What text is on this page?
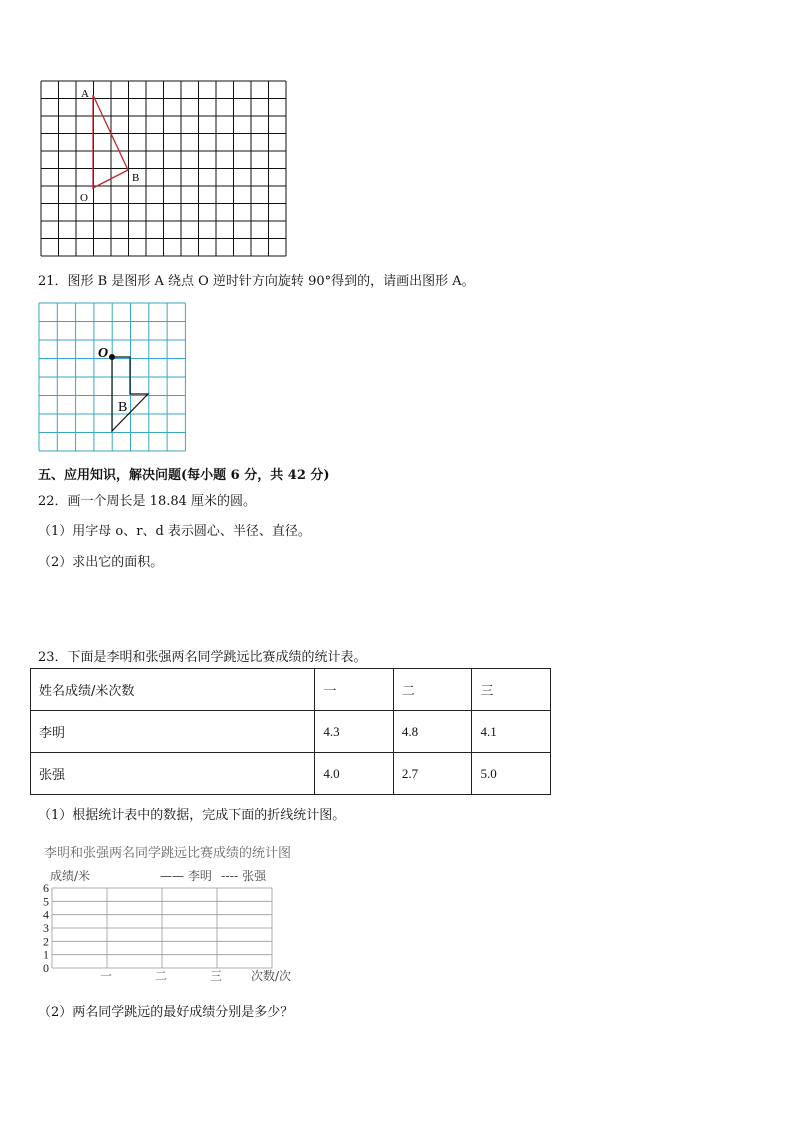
A
B
O
21．图形 B 是图形 A 绕点 O 逆时针方向旋转 90°得到的，请画出图形 A。
O
B
五、应用知识，解决问题(每小题 6 分，共 42 分)
22．画一个周长是 18.84 厘米的圆。
（1）用字母 o、r、d 表示圆心、半径、直径。
（2）求出它的面积。
23．下面是李明和张强两名同学跳远比赛成绩的统计表。
姓名成绩/米次数	一	二	三
李明	4.3	4.8	4.1
张强	4.0	2.7	5.0
（1）根据统计表中的数据，完成下面的折线统计图。
李明和张强两名同学跳远比赛成绩的统计图
成绩/米	—— 李明 ---- 张强
0
1
2
3
4
5
6
一	二	三 次数/次
（2）两名同学跳远的最好成绩分别是多少？
